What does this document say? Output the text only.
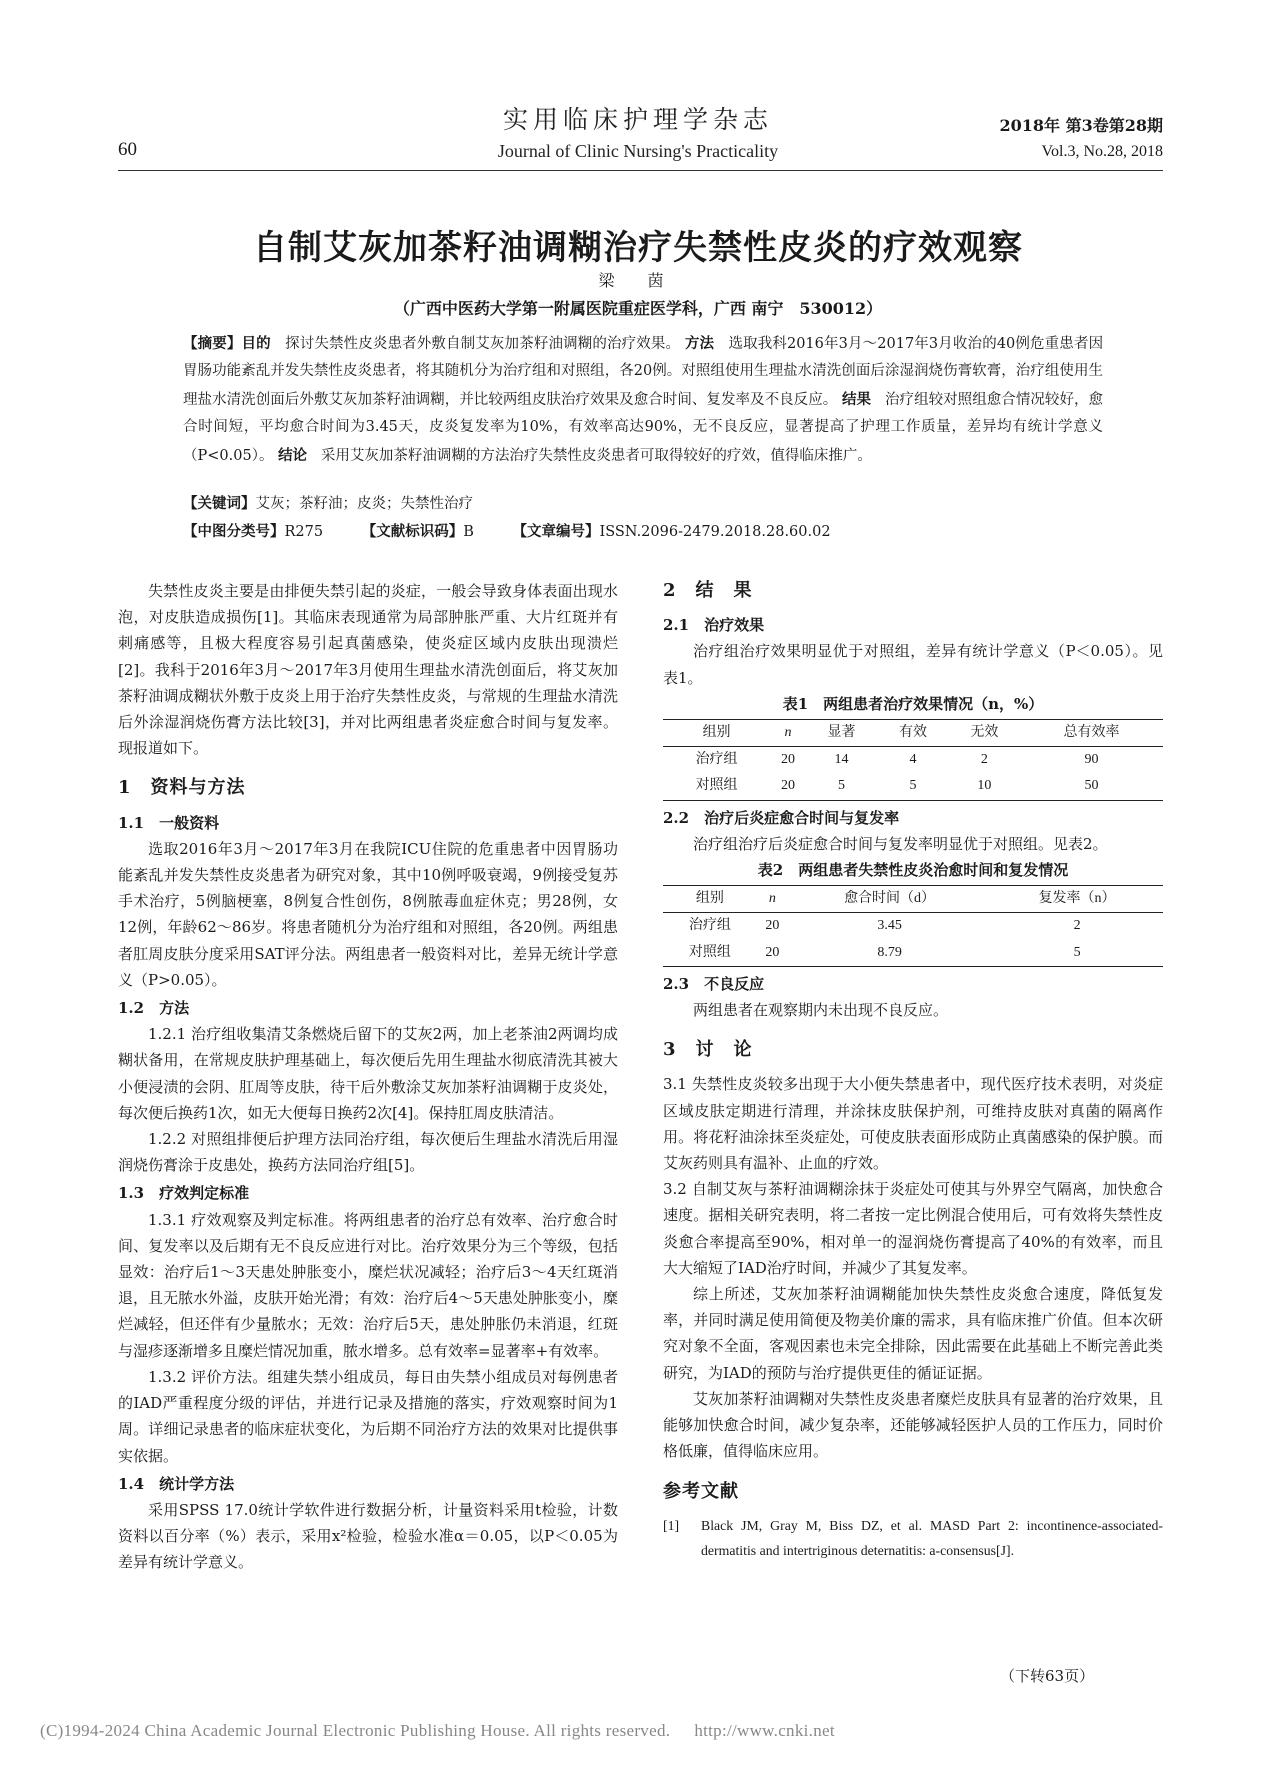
实用临床护理学杂志
Journal of Clinic Nursing's Practicality
60
2018年 第3卷第28期
Vol.3, No.28, 2018
自制艾灰加茶籽油调糊治疗失禁性皮炎的疗效观察
梁 茵
（广西中医药大学第一附属医院重症医学科，广西 南宁　530012）
【摘要】目的 探讨失禁性皮炎患者外敷自制艾灰加茶籽油调糊的治疗效果。 方法 选取我科2016年3月～2017年3月收治的40例危重患者因胃肠功能紊乱并发失禁性皮炎患者，将其随机分为治疗组和对照组，各20例。对照组使用生理盐水清洗创面后涂湿润烧伤膏软膏，治疗组使用生理盐水清洗创面后外敷艾灰加茶籽油调糊，并比较两组皮肤治疗效果及愈合时间、复发率及不良反应。 结果 治疗组较对照组愈合情况较好，愈合时间短，平均愈合时间为3.45天，皮炎复发率为10%，有效率高达90%，无不良反应，显著提高了护理工作质量，差异均有统计学意义（P<0.05）。 结论 采用艾灰加茶籽油调糊的方法治疗失禁性皮炎患者可取得较好的疗效，值得临床推广。
【关键词】艾灰；茶籽油；皮炎；失禁性治疗
【中图分类号】R275	【文献标识码】B	【文章编号】ISSN.2096-2479.2018.28.60.02

失禁性皮炎主要是由排便失禁引起的炎症，一般会导致身体表面出现水泡，对皮肤造成损伤[1]。其临床表现通常为局部肿胀严重、大片红斑并有刺痛感等，且极大程度容易引起真菌感染，使炎症区域内皮肤出现溃烂[2]。我科于2016年3月～2017年3月使用生理盐水清洗创面后，将艾灰加茶籽油调成糊状外敷于皮炎上用于治疗失禁性皮炎，与常规的生理盐水清洗后外涂湿润烧伤膏方法比较[3]，并对比两组患者炎症愈合时间与复发率。现报道如下。

1　资料与方法
1.1　一般资料

选取2016年3月～2017年3月在我院ICU住院的危重患者中因胃肠功能紊乱并发失禁性皮炎患者为研究对象，其中10例呼吸衰竭，9例接受复苏手术治疗，5例脑梗塞，8例复合性创伤，8例脓毒血症休克；男28例，女12例，年龄62～86岁。将患者随机分为治疗组和对照组，各20例。两组患者肛周皮肤分度采用SAT评分法。两组患者一般资料对比，差异无统计学意义（P>0.05）。

1.2　方法

1.2.1 治疗组收集清艾条燃烧后留下的艾灰2两，加上老茶油2两调均成糊状备用，在常规皮肤护理基础上，每次便后先用生理盐水彻底清洗其被大小便浸渍的会阴、肛周等皮肤，待干后外敷涂艾灰加茶籽油调糊于皮炎处，每次便后换药1次，如无大便每日换药2次[4]。保持肛周皮肤清洁。

1.2.2 对照组排便后护理方法同治疗组，每次便后生理盐水清洗后用湿润烧伤膏涂于皮患处，换药方法同治疗组[5]。

1.3　疗效判定标准

1.3.1 疗效观察及判定标准。将两组患者的治疗总有效率、治疗愈合时间、复发率以及后期有无不良反应进行对比。治疗效果分为三个等级，包括显效：治疗后1～3天患处肿胀变小，糜烂状况减轻；治疗后3～4天红斑消退，且无脓水外溢，皮肤开始光滑；有效：治疗后4～5天患处肿胀变小，糜烂减轻，但还伴有少量脓水；无效：治疗后5天，患处肿胀仍未消退，红斑与湿疹逐渐增多且糜烂情况加重，脓水增多。总有效率=显著率+有效率。

1.3.2 评价方法。组建失禁小组成员，每日由失禁小组成员对每例患者的IAD严重程度分级的评估，并进行记录及措施的落实，疗效观察时间为1周。详细记录患者的临床症状变化，为后期不同治疗方法的效果对比提供事实依据。

1.4　统计学方法

采用SPSS 17.0统计学软件进行数据分析，计量资料采用t检验，计数资料以百分率（%）表示，采用x²检验，检验水准α＝0.05，以P＜0.05为差异有统计学意义。

2　结　果
2.1　治疗效果

治疗组治疗效果明显优于对照组，差异有统计学意义（P＜0.05）。见表1。

表1　两组患者治疗效果情况（n，%）
组别	n	显著	有效	无效	总有效率
治疗组	20	14	4	2	90
对照组	20	5	5	10	50
2.2　治疗后炎症愈合时间与复发率

治疗组治疗后炎症愈合时间与复发率明显优于对照组。见表2。

表2　两组患者失禁性皮炎治愈时间和复发情况
组别	n	愈合时间（d）	复发率（n）
治疗组	20	3.45	2
对照组	20	8.79	5
2.3　不良反应

两组患者在观察期内未出现不良反应。

3　讨　论

3.1 失禁性皮炎较多出现于大小便失禁患者中，现代医疗技术表明，对炎症区域皮肤定期进行清理，并涂抹皮肤保护剂，可维持皮肤对真菌的隔离作用。将花籽油涂抹至炎症处，可使皮肤表面形成防止真菌感染的保护膜。而艾灰药则具有温补、止血的疗效。

3.2 自制艾灰与茶籽油调糊涂抹于炎症处可使其与外界空气隔离，加快愈合速度。据相关研究表明，将二者按一定比例混合使用后，可有效将失禁性皮炎愈合率提高至90%，相对单一的湿润烧伤膏提高了40%的有效率，而且大大缩短了IAD治疗时间，并减少了其复发率。

综上所述，艾灰加茶籽油调糊能加快失禁性皮炎愈合速度，降低复发率，并同时满足使用简便及物美价廉的需求，具有临床推广价值。但本次研究对象不全面，客观因素也未完全排除，因此需要在此基础上不断完善此类研究，为IAD的预防与治疗提供更佳的循证证据。

艾灰加茶籽油调糊对失禁性皮炎患者糜烂皮肤具有显著的治疗效果，且能够加快愈合时间，减少复杂率，还能够减轻医护人员的工作压力，同时价格低廉，值得临床应用。

参考文献
[1]	Black JM, Gray M, Biss DZ, et al. MASD Part 2: incontinence-associated-dermatitis and intertriginous deternatitis: a-consensus[J].
（下转63页）
(C)1994-2024 China Academic Journal Electronic Publishing House. All rights reserved. http://www.cnki.net
